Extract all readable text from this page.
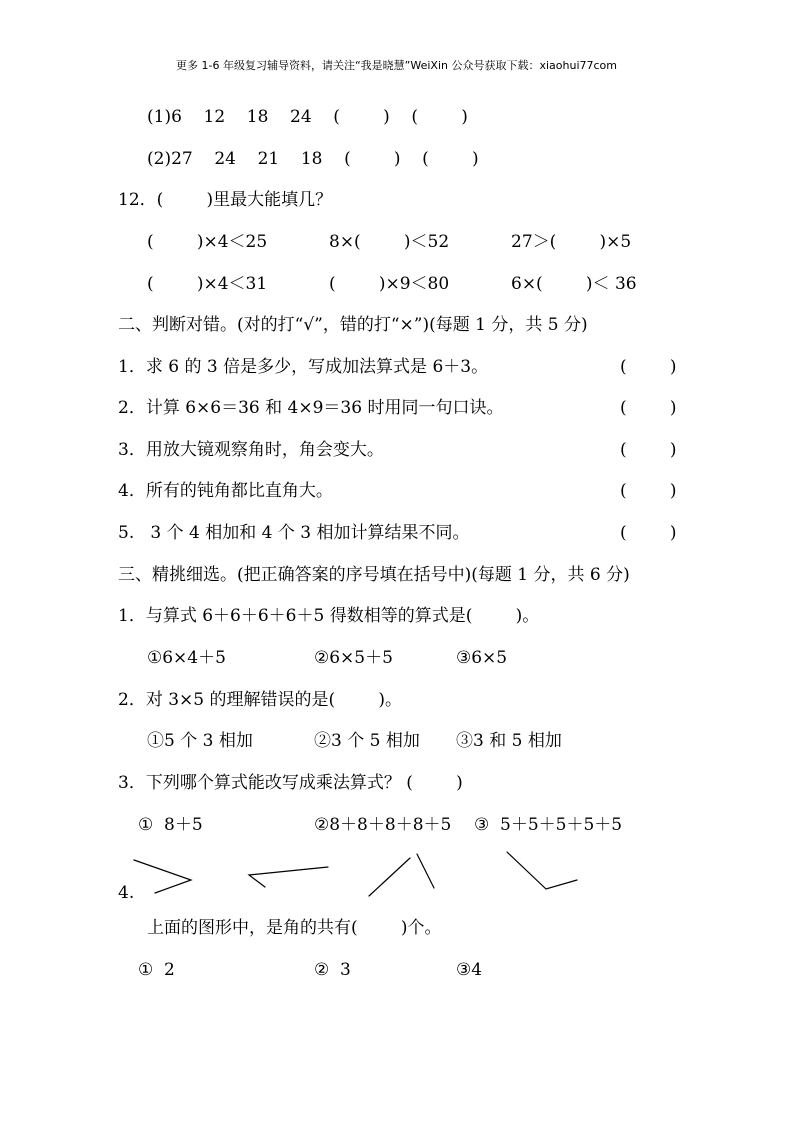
更多 1-6 年级复习辅导资料，请关注“我是晓慧”WeiXin 公众号获取下载：xiaohui77com
(1)6    12    18    24    (        )    (        )
(2)27    24    21    18    (        )    (        )
12．(        )里最大能填几？
(        )×4＜25	8×(        )＜52	27＞(        )×5
(        )×4＜31	(        )×9＜80	6×(        )＜ 36
二、判断对错。(对的打“√”，错的打“×”)(每题 1 分，共 5 分)
1．求 6 的 3 倍是多少，写成加法算式是 6＋3。	(        )
2．计算 6×6＝36 和 4×9＝36 时用同一句口诀。	(        )
3．用放大镜观察角时，角会变大。	(        )
4．所有的钝角都比直角大。	(        )
5.   3 个 4 相加和 4 个 3 相加计算结果不同。	(        )
三、精挑细选。(把正确答案的序号填在括号中)(每题 1 分，共 6 分)
1．与算式 6＋6＋6＋6＋5 得数相等的算式是(        )。
①6×4＋5	②6×5＋5	③6×5
2．对 3×5 的理解错误的是(        )。
①5 个 3 相加	②3 个 5 相加 ③3 和 5 相加
3．下列哪个算式能改写成乘法算式？ (        )
①  8＋5	②8＋8＋8＋8＋5 ③  5＋5＋5＋5＋5
4.
上面的图形中，是角的共有(        )个。
①  2	②  3	③4
